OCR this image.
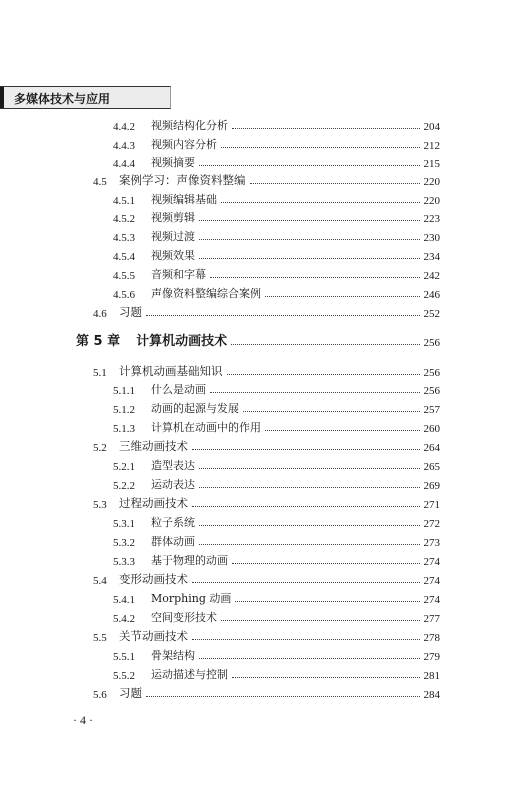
多媒体技术与应用
4.4.2	视频结构化分析	204
4.4.3	视频内容分析	212
4.4.4	视频摘要	215
4.5	案例学习：声像资料整编	220
4.5.1	视频编辑基础	220
4.5.2	视频剪辑	223
4.5.3	视频过渡	230
4.5.4	视频效果	234
4.5.5	音频和字幕	242
4.5.6	声像资料整编综合案例	246
4.6	习题	252
第 5 章 计算机动画技术	256
5.1	计算机动画基础知识	256
5.1.1	什么是动画	256
5.1.2	动画的起源与发展	257
5.1.3	计算机在动画中的作用	260
5.2	三维动画技术	264
5.2.1	造型表达	265
5.2.2	运动表达	269
5.3	过程动画技术	271
5.3.1	粒子系统	272
5.3.2	群体动画	273
5.3.3	基于物理的动画	274
5.4	变形动画技术	274
5.4.1	Morphing 动画	274
5.4.2	空间变形技术	277
5.5	关节动画技术	278
5.5.1	骨架结构	279
5.5.2	运动描述与控制	281
5.6	习题	284
· 4 ·
